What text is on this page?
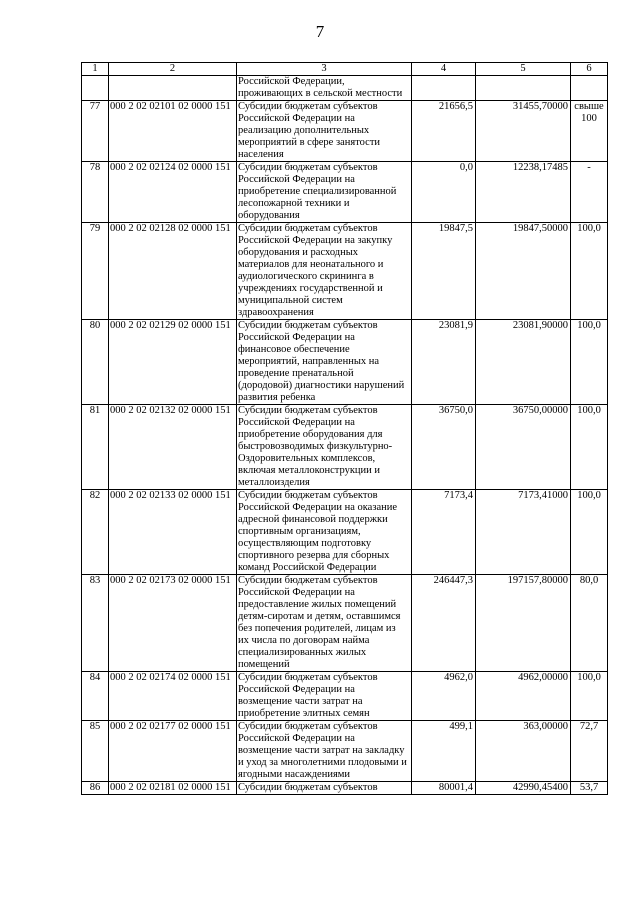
7
1	2	3	4	5	6
		Российской Федерации, проживающих в сельской местности			
77	000 2 02 02101 02 0000 151	Субсидии бюджетам субъектов Российской Федерации на реализацию дополнительных мероприятий в сфере занятости населения	21656,5	31455,70000	свыше 100
78	000 2 02 02124 02 0000 151	Субсидии бюджетам субъектов Российской Федерации на приобретение специализированной лесопожарной техники и оборудования	0,0	12238,17485	-
79	000 2 02 02128 02 0000 151	Субсидии бюджетам субъектов Российской Федерации на закупку оборудования и расходных материалов для неонатального и аудиологического скрининга в учреждениях государственной и муниципальной систем здравоохранения	19847,5	19847,50000	100,0
80	000 2 02 02129 02 0000 151	Субсидии бюджетам субъектов Российской Федерации на финансовое обеспечение мероприятий, направленных на проведение пренатальной (дородовой) диагностики нарушений развития ребенка	23081,9	23081,90000	100,0
81	000 2 02 02132 02 0000 151	Субсидии бюджетам субъектов Российской Федерации на приобретение оборудования для быстровозводимых физкультурно-Оздоровительных комплексов, включая металлоконструкции и металлоизделия	36750,0	36750,00000	100,0
82	000 2 02 02133 02 0000 151	Субсидии бюджетам субъектов Российской Федерации на оказание адресной финансовой поддержки спортивным организациям, осуществляющим подготовку спортивного резерва для сборных команд Российской Федерации	7173,4	7173,41000	100,0
83	000 2 02 02173 02 0000 151	Субсидии бюджетам субъектов Российской Федерации на предоставление жилых помещений детям-сиротам и детям, оставшимся без попечения родителей, лицам из их числа по договорам найма специализированных жилых помещений	246447,3	197157,80000	80,0
84	000 2 02 02174 02 0000 151	Субсидии бюджетам субъектов Российской Федерации на возмещение части затрат на приобретение элитных семян	4962,0	4962,00000	100,0
85	000 2 02 02177 02 0000 151	Субсидии бюджетам субъектов Российской Федерации на возмещение части затрат на закладку и уход за многолетними плодовыми и ягодными насаждениями	499,1	363,00000	72,7
86	000 2 02 02181 02 0000 151	Субсидии бюджетам субъектов	80001,4	42990,45400	53,7
